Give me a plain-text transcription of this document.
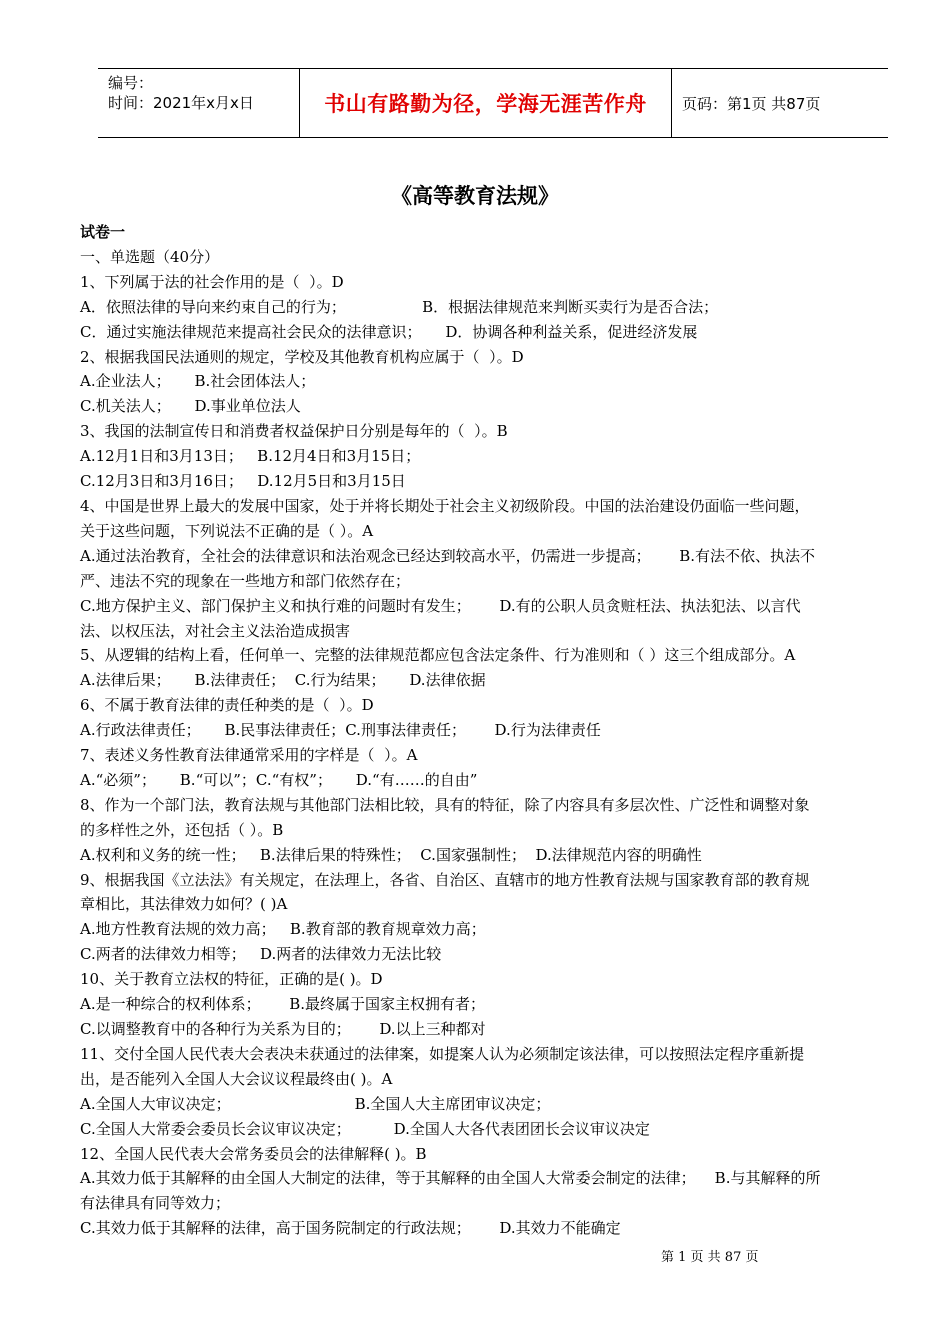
编号：
时间：2021年x月x日	书山有路勤为径，学海无涯苦作舟	页码：第1页 共87页
《高等教育法规》

试卷一

一、单选题（40分）

1、下列属于法的社会作用的是（  ）。D

A．依照法律的导向来约束自己的行为；                B．根据法律规范来判断买卖行为是否合法；

C．通过实施法律规范来提高社会民众的法律意识；     D．协调各种利益关系，促进经济发展

2、根据我国民法通则的规定，学校及其他教育机构应属于（  ）。D

A.企业法人；     B.社会团体法人；

C.机关法人；     D.事业单位法人

3、我国的法制宣传日和消费者权益保护日分别是每年的（  ）。B

A.12月1日和3月13日；   B.12月4日和3月15日；

C.12月3日和3月16日；   D.12月5日和3月15日

4、中国是世界上最大的发展中国家，处于并将长期处于社会主义初级阶段。中国的法治建设仍面临一些问题，

关于这些问题，下列说法不正确的是（ ）。A

A.通过法治教育，全社会的法律意识和法治观念已经达到较高水平，仍需进一步提高；      B.有法不依、执法不

严、违法不究的现象在一些地方和部门依然存在；

C.地方保护主义、部门保护主义和执行难的问题时有发生；      D.有的公职人员贪赃枉法、执法犯法、以言代

法、以权压法，对社会主义法治造成损害

5、从逻辑的结构上看，任何单一、完整的法律规范都应包含法定条件、行为准则和（ ）这三个组成部分。A

A.法律后果；     B.法律责任；  C.行为结果；     D.法律依据

6、不属于教育法律的责任种类的是（  ）。D

A.行政法律责任；     B.民事法律责任；C.刑事法律责任；      D.行为法律责任

7、表述义务性教育法律通常采用的字样是（  ）。A

A.“必须”；     B.“可以”；C.“有权”；     D.“有……的自由”

8、作为一个部门法，教育法规与其他部门法相比较，具有的特征，除了内容具有多层次性、广泛性和调整对象

的多样性之外，还包括（ ）。B

A.权利和义务的统一性；   B.法律后果的特殊性；  C.国家强制性；  D.法律规范内容的明确性

9、根据我国《立法法》有关规定，在法理上，各省、自治区、直辖市的地方性教育法规与国家教育部的教育规

章相比，其法律效力如何？( )A

A.地方性教育法规的效力高；   B.教育部的教育规章效力高；

C.两者的法律效力相等；   D.两者的法律效力无法比较

10、关于教育立法权的特征，正确的是( )。D

A.是一种综合的权利体系；      B.最终属于国家主权拥有者；

C.以调整教育中的各种行为关系为目的；      D.以上三种都对

11、交付全国人民代表大会表决未获通过的法律案，如提案人认为必须制定该法律，可以按照法定程序重新提

出，是否能列入全国人大会议议程最终由( )。A

A.全国人大审议决定；                          B.全国人大主席团审议决定；

C.全国人大常委会委员长会议审议决定；         D.全国人大各代表团团长会议审议决定

12、全国人民代表大会常务委员会的法律解释( )。B

A.其效力低于其解释的由全国人大制定的法律，等于其解释的由全国人大常委会制定的法律；    B.与其解释的所

有法律具有同等效力；

C.其效力低于其解释的法律，高于国务院制定的行政法规；      D.其效力不能确定

第 1 页 共 87 页
